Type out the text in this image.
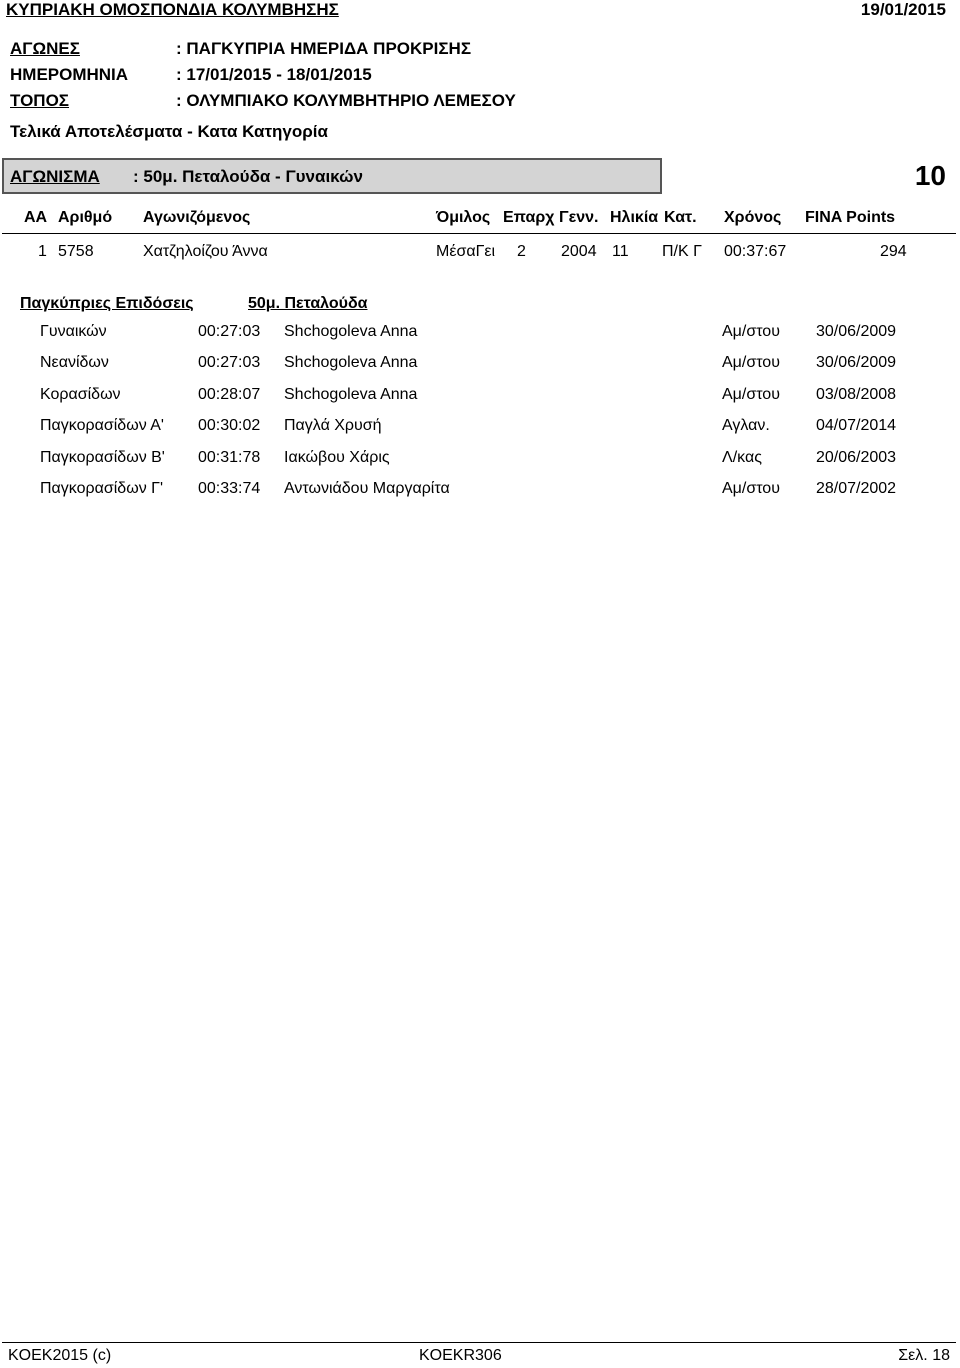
ΚΥΠΡΙΑΚΗ ΟΜΟΣΠΟΝΔΙΑ ΚΟΛΥΜΒΗΣΗΣ	19/01/2015
ΑΓΩΝΕΣ	: ΠΑΓΚΥΠΡΙΑ ΗΜΕΡΙΔΑ ΠΡΟΚΡΙΣΗΣ
ΗΜΕΡΟΜΗΝΙΑ	: 17/01/2015 - 18/01/2015
ΤΟΠΟΣ	: ΟΛΥΜΠΙΑΚΟ ΚΟΛΥΜΒΗΤΗΡΙΟ ΛΕΜΕΣΟΥ
Τελικά Αποτελέσματα - Κατα Κατηγορία
ΑΓΩΝΙΣΜΑ : 50μ. Πεταλούδα - Γυναικών	10
AA Αριθμό Αγωνιζόμενος	Όμιλος Επαρχ Γενν. Ηλικία Κατ. Χρόνος FINA Points
1 5758	Χατζηλοίζου Άννα	ΜέσαΓει 2 2004 11 Π/Κ Γ 00:37:67	294
Παγκύπριες Επιδόσεις	50μ. Πεταλούδα
Γυναικών	00:27:03 Shchogoleva Anna	Αμ/στου 30/06/2009
Νεανίδων	00:27:03 Shchogoleva Anna	Αμ/στου 30/06/2009
Κορασίδων	00:28:07 Shchogoleva Anna	Αμ/στου 03/08/2008
Παγκορασίδων Α' 00:30:02 Παγλά Χρυσή	Αγλαν.	04/07/2014
Παγκορασίδων Β' 00:31:78 Ιακώβου Χάρις	Λ/κας	20/06/2003
Παγκορασίδων Γ' 00:33:74 Αντωνιάδου Μαργαρίτα	Αμ/στου 28/07/2002
KOEK2015 (c)	KOEKR306	Σελ. 18
